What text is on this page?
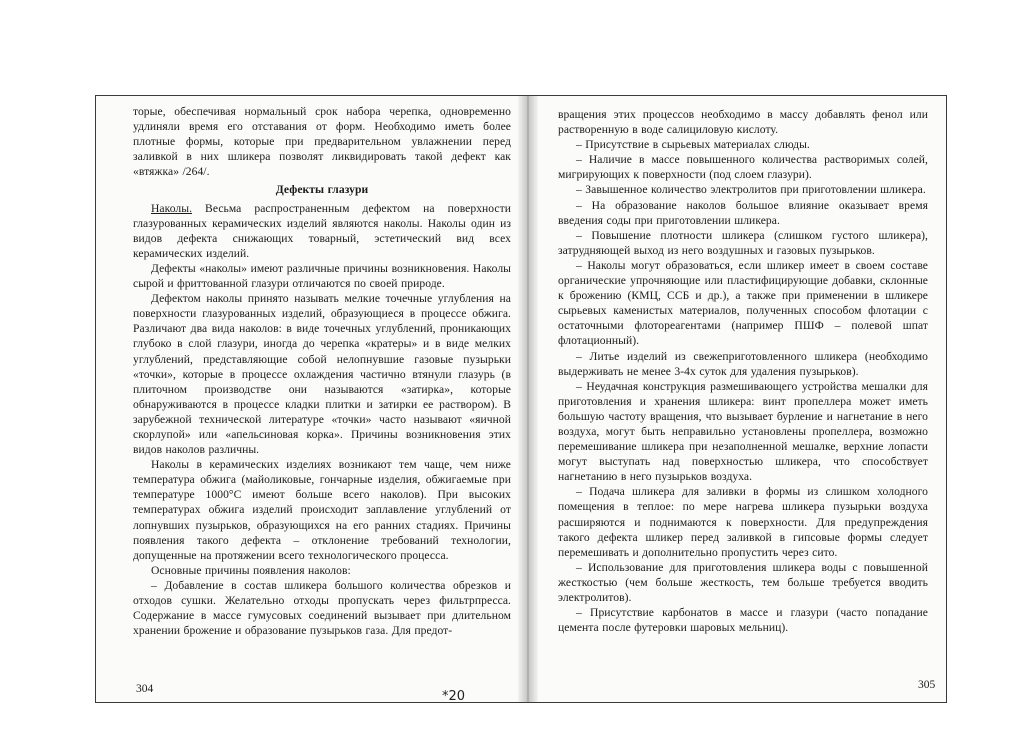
торые, обеспечивая нормальный срок набора черепка, одновременно удлиняли время его отставания от форм. Необходимо иметь более плотные формы, которые при предварительном увлажнении перед заливкой в них шликера позволят ликвидировать такой дефект как «втяжка» /264/.

Дефекты глазури

Наколы. Весьма распространенным дефектом на поверхности глазурованных керамических изделий являются наколы. Наколы один из видов дефекта снижающих товарный, эстетический вид всех керамических изделий.

Дефекты «наколы» имеют различные причины возникновения. Наколы сырой и фриттованной глазури отличаются по своей природе.

Дефектом наколы принято называть мелкие точечные углубления на поверхности глазурованных изделий, образующиеся в процессе обжига. Различают два вида наколов: в виде точечных углублений, проникающих глубоко в слой глазури, иногда до черепка «кратеры» и в виде мелких углублений, представляющие собой нелопнувшие газовые пузырьки «точки», которые в процессе охлаждения частично втянули глазурь (в плиточном производстве они называются «затирка», которые обнаруживаются в процессе кладки плитки и затирки ее раствором). В зарубежной технической литературе «точки» часто называют «яичной скорлупой» или «апельсиновая корка». Причины возникновения этих видов наколов различны.

Наколы в керамических изделиях возникают тем чаще, чем ниже температура обжига (майоликовые, гончарные изделия, обжигаемые при температуре 1000°С имеют больше всего наколов). При высоких температурах обжига изделий происходит заплавление углублений от лопнувших пузырьков, образующихся на его ранних стадиях. Причины появления такого дефекта – отклонение требований технологии, допущенные на протяжении всего технологического процесса.

Основные причины появления наколов:

– Добавление в состав шликера большого количества обрезков и отходов сушки. Желательно отходы пропускать через фильтрпрессa. Содержание в массе гумусовых соединений вызывает при длительном хранении брожение и образование пузырьков газа. Для предот-

304

вращения этих процессов необходимо в массу добавлять фенол или растворенную в воде салициловую кислоту.

– Присутствие в сырьевых материалах слюды.

– Наличие в массе повышенного количества растворимых солей, мигрирующих к поверхности (под слоем глазури).

– Завышенное количество электролитов при приготовлении шликера.

– На образование наколов большое влияние оказывает время введения соды при приготовлении шликера.

– Повышение плотности шликера (слишком густого шликера), затрудняющей выход из него воздушных и газовых пузырьков.

– Наколы могут образоваться, если шликер имеет в своем составе органические упрочняющие или пластифицирующие добавки, склонные к брожению (КМЦ, ССБ и др.), а также при применении в шликере сырьевых каменистых материалов, полученных способом флотации с остаточными флотореагентами (например ПШФ – полевой шпат флотационный).

– Литье изделий из свежеприготовленного шликера (необходимо выдерживать не менее 3-4х суток для удаления пузырьков).

– Неудачная конструкция размешивающего устройства мешалки для приготовления и хранения шликера: винт пропеллера может иметь большую частоту вращения, что вызывает бурление и нагнетание в него воздуха, могут быть неправильно установлены пропеллера, возможно перемешивание шликера при незаполненной мешалке, верхние лопасти могут выступать над поверхностью шликера, что способствует нагнетанию в него пузырьков воздуха.

– Подача шликера для заливки в формы из слишком холодного помещения в теплое: по мере нагрева шликера пузырьки воздуха расширяются и поднимаются к поверхности. Для предупреждения такого дефекта шликер перед заливкой в гипсовые формы следует перемешивать и дополнительно пропустить через сито.

– Использование для приготовления шликера воды с повышенной жесткостью (чем больше жесткость, тем больше требуется вводить электролитов).

– Присутствие карбонатов в массе и глазури (часто попадание цемента после футеровки шаровых мельниц).

305
*20
